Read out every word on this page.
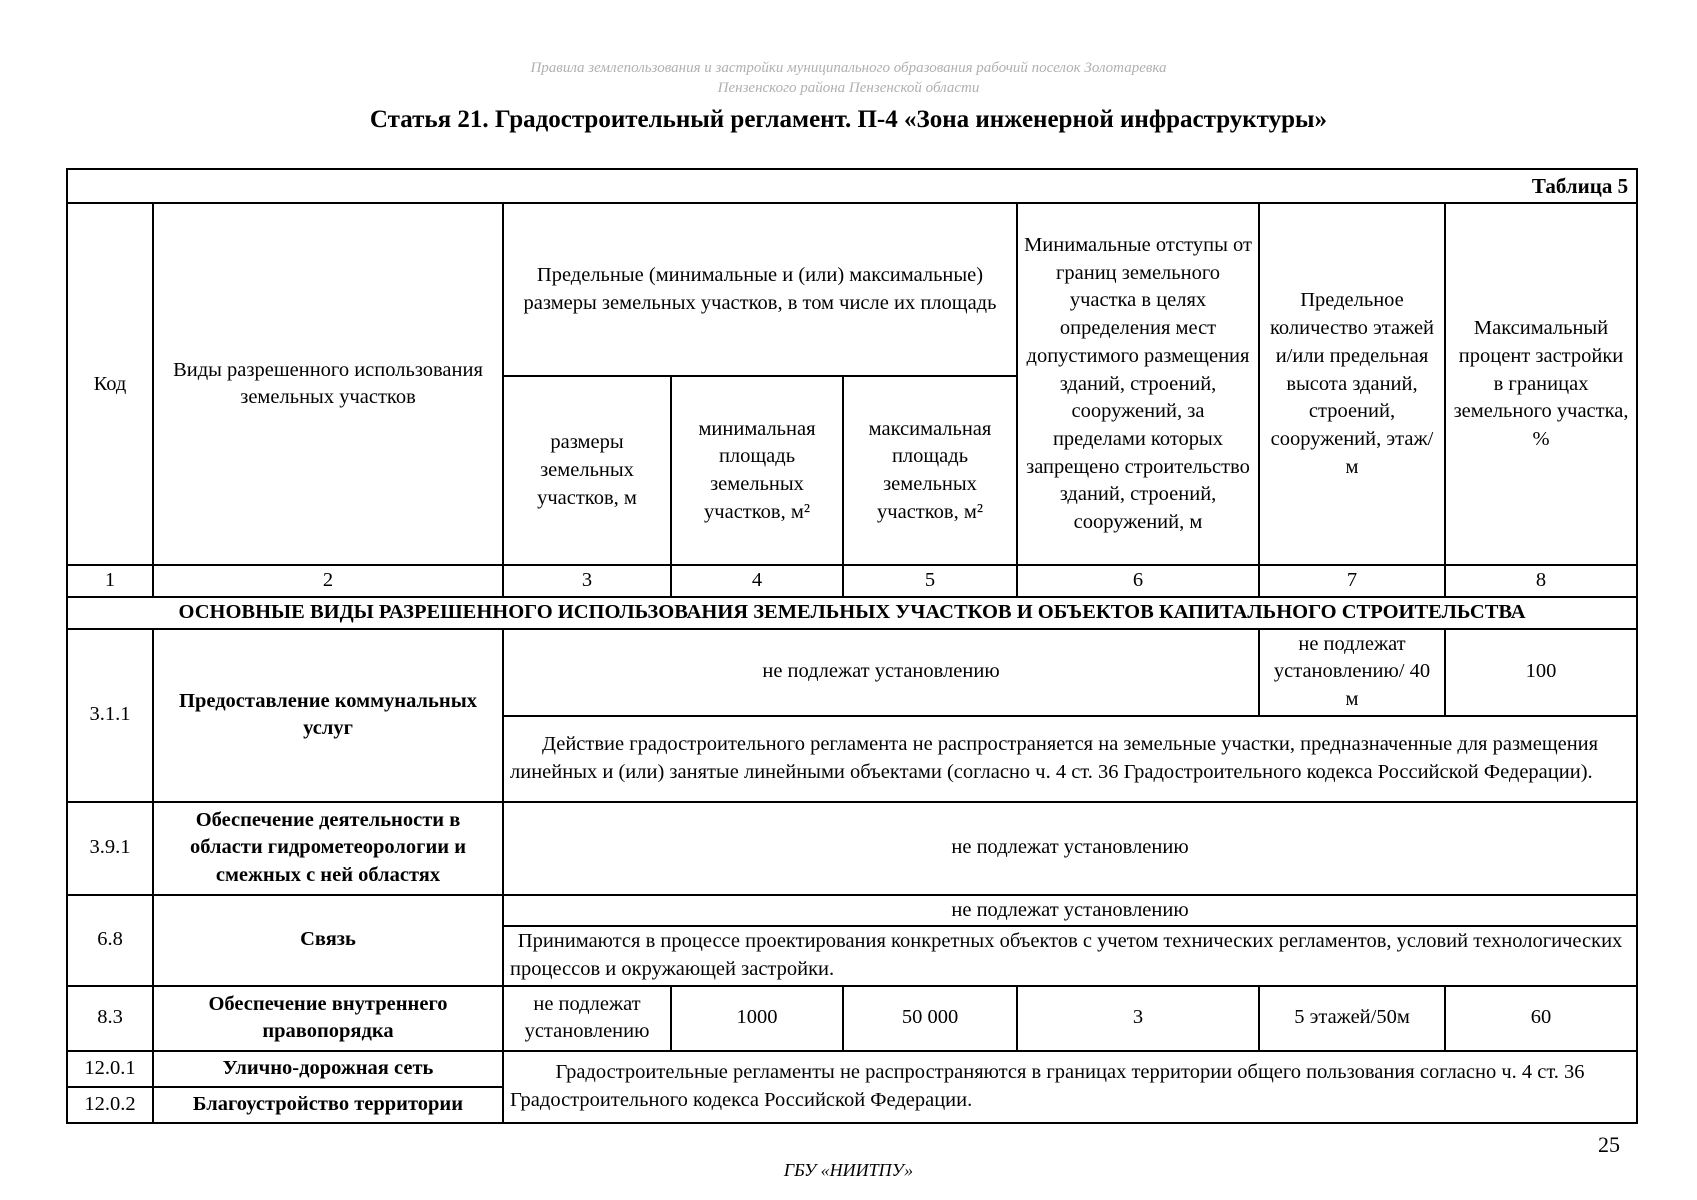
Правила землепользования и застройки муниципального образования рабочий поселок Золотаревка
Пензенского района Пензенской области
Статья 21. Градостроительный регламент. П-4 «Зона инженерной инфраструктуры»
Таблица 5							
Код	Виды разрешенного использования земельных участков	Предельные (минимальные и (или) максимальные) размеры земельных участков, в том числе их площадь			Минимальные отступы от границ земельного участка в целях определения мест допустимого размещения зданий, строений, сооружений, за пределами которых запрещено строительство зданий, строений, сооружений, м	Предельное количество этажей и/или предельная высота зданий, строений, сооружений, этаж/м	Максимальный процент застройки в границах земельного участка, %
		размеры земельных участков, м	минимальная площадь земельных участков, м²	максимальная площадь земельных участков, м²			
1	2	3	4	5	6	7	8
ОСНОВНЫЕ ВИДЫ РАЗРЕШЕННОГО ИСПОЛЬЗОВАНИЯ ЗЕМЕЛЬНЫХ УЧАСТКОВ И ОБЪЕКТОВ КАПИТАЛЬНОГО СТРОИТЕЛЬСТВА							
3.1.1	Предоставление коммунальных услуг	не подлежат установлению				не подлежат установлению/ 40 м	100
		Действие градостроительного регламента не распространяется на земельные участки, предназначенные для размещения линейных и (или) занятые линейными объектами (согласно ч. 4 ст. 36 Градостроительного кодекса Российской Федерации).					
3.9.1	Обеспечение деятельности в области гидрометеорологии и смежных с ней областях	не подлежат установлению					
6.8	Связь	не подлежат установлению					
		Принимаются в процессе проектирования конкретных объектов с учетом технических регламентов, условий технологических процессов и окружающей застройки.					
8.3	Обеспечение внутреннего правопорядка	не подлежат установлению	1000	50 000	3	5 этажей/50м	60
12.0.1	Улично-дорожная сеть	Градостроительные регламенты не распространяются в границах территории общего пользования согласно ч. 4 ст. 36 Градостроительного кодекса Российской Федерации.					
12.0.2	Благоустройство территории						
25
ГБУ «НИИТПУ»
